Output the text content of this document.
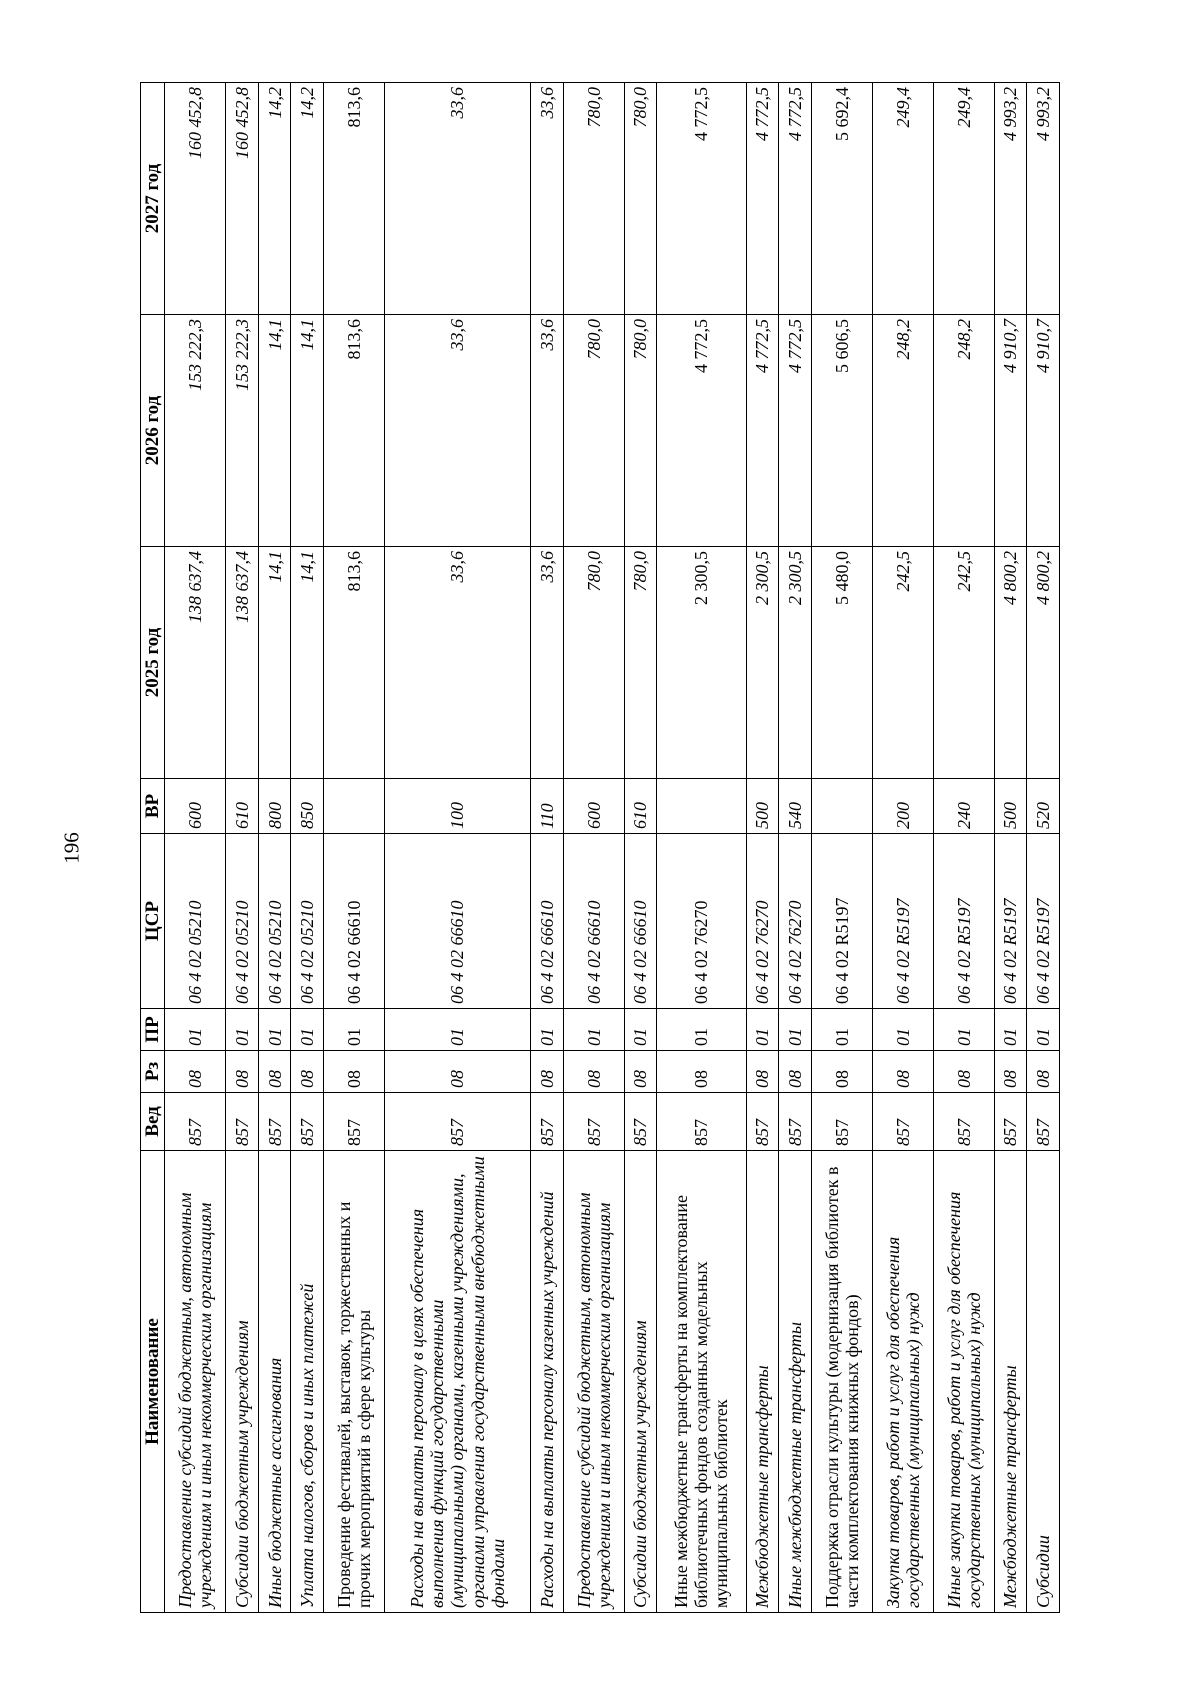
196
Наименование	Вед	Рз	ПР	ЦСР	ВР	2025 год	2026 год	2027 год
Предоставление субсидий бюджетным, автономным учреждениям и иным некоммерческим организациям	857	08	01	06 4 02 05210	600	138 637,4	153 222,3	160 452,8
Субсидии бюджетным учреждениям	857	08	01	06 4 02 05210	610	138 637,4	153 222,3	160 452,8
Иные бюджетные ассигнования	857	08	01	06 4 02 05210	800	14,1	14,1	14,2
Уплата налогов, сборов и иных платежей	857	08	01	06 4 02 05210	850	14,1	14,1	14,2
Проведение фестивалей, выставок, торжественных и прочих мероприятий в сфере культуры	857	08	01	06 4 02 66610		813,6	813,6	813,6
Расходы на выплаты персоналу в целях обеспечения выполнения функций государственными (муниципальными) органами, казенными учреждениями, органами управления государственными внебюджетными фондами	857	08	01	06 4 02 66610	100	33,6	33,6	33,6
Расходы на выплаты персоналу казенных учреждений	857	08	01	06 4 02 66610	110	33,6	33,6	33,6
Предоставление субсидий бюджетным, автономным учреждениям и иным некоммерческим организациям	857	08	01	06 4 02 66610	600	780,0	780,0	780,0
Субсидии бюджетным учреждениям	857	08	01	06 4 02 66610	610	780,0	780,0	780,0
Иные межбюджетные трансферты на комплектование библиотечных фондов созданных модельных муниципальных библиотек	857	08	01	06 4 02 76270		2 300,5	4 772,5	4 772,5
Межбюджетные трансферты	857	08	01	06 4 02 76270	500	2 300,5	4 772,5	4 772,5
Иные межбюджетные трансферты	857	08	01	06 4 02 76270	540	2 300,5	4 772,5	4 772,5
Поддержка отрасли культуры (модернизация библиотек в части комплектования книжных фондов)	857	08	01	06 4 02 R5197		5 480,0	5 606,5	5 692,4
Закупка товаров, работ и услуг для обеспечения государственных (муниципальных) нужд	857	08	01	06 4 02 R5197	200	242,5	248,2	249,4
Иные закупки товаров, работ и услуг для обеспечения государственных (муниципальных) нужд	857	08	01	06 4 02 R5197	240	242,5	248,2	249,4
Межбюджетные трансферты	857	08	01	06 4 02 R5197	500	4 800,2	4 910,7	4 993,2
Субсидии	857	08	01	06 4 02 R5197	520	4 800,2	4 910,7	4 993,2
